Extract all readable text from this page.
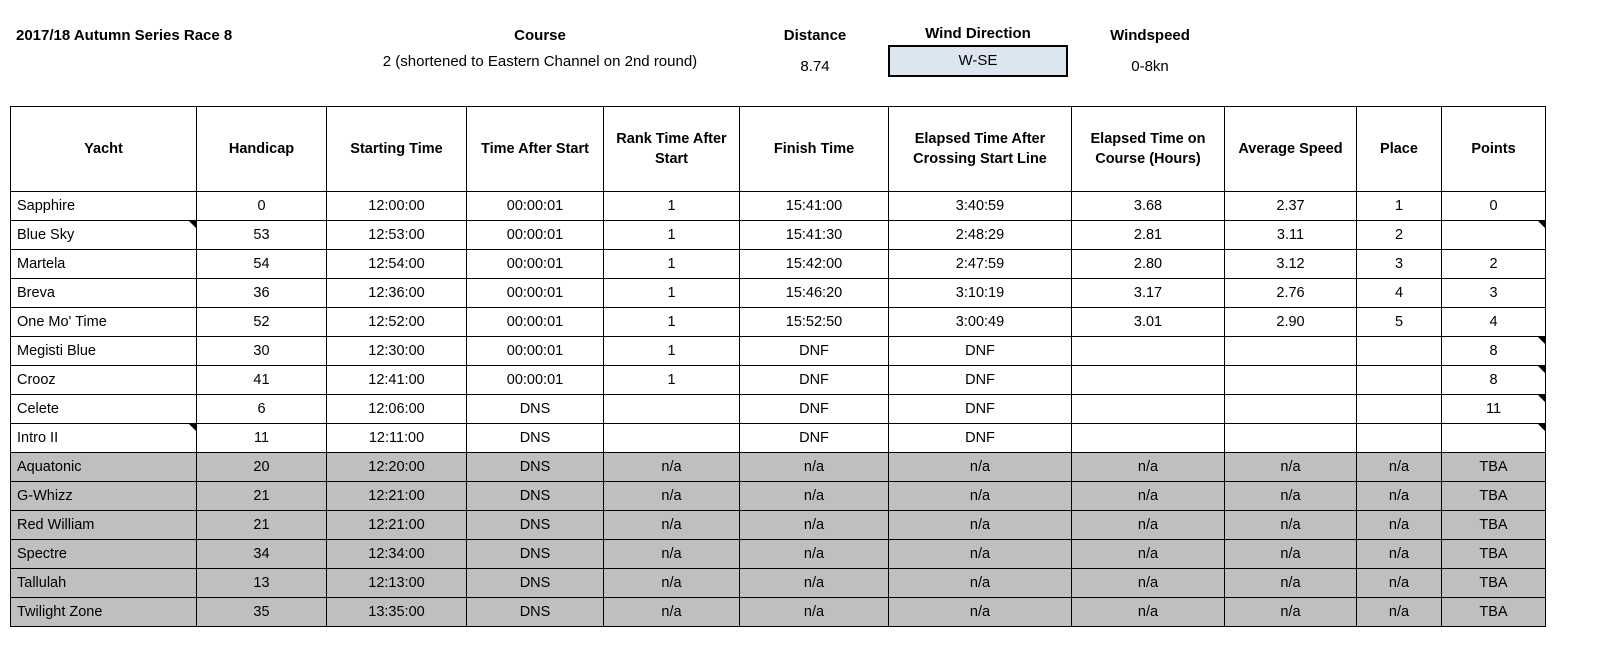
2017/18 Autumn Series Race 8	Course
2 (shortened to Eastern Channel on 2nd round)
Distance
8.74
Wind Direction
W-SE
Windspeed
0-8kn
Yacht	Handicap	Starting Time	Time After Start	Rank Time After Start	Finish Time	Elapsed Time After Crossing Start Line	Elapsed Time on Course (Hours)	Average Speed	Place	Points
Sapphire	0	12:00:00	00:00:01	1	15:41:00	3:40:59	3.68	2.37	1	0
Blue Sky	53	12:53:00	00:00:01	1	15:41:30	2:48:29	2.81	3.11	2	

Martela	54	12:54:00	00:00:01	1	15:42:00	2:47:59	2.80	3.12	3	2
Breva	36	12:36:00	00:00:01	1	15:46:20	3:10:19	3.17	2.76	4	3
One Mo' Time	52	12:52:00	00:00:01	1	15:52:50	3:00:49	3.01	2.90	5	4
Megisti Blue	30	12:30:00	00:00:01	1	DNF	DNF				8

Crooz	41	12:41:00	00:00:01	1	DNF	DNF				8

Celete	6	12:06:00	DNS		DNF	DNF				11

Intro II	11	12:11:00	DNS		DNF	DNF				

Aquatonic	20	12:20:00	DNS	n/a	n/a	n/a	n/a	n/a	n/a	TBA
G-Whizz	21	12:21:00	DNS	n/a	n/a	n/a	n/a	n/a	n/a	TBA
Red William	21	12:21:00	DNS	n/a	n/a	n/a	n/a	n/a	n/a	TBA
Spectre	34	12:34:00	DNS	n/a	n/a	n/a	n/a	n/a	n/a	TBA
Tallulah	13	12:13:00	DNS	n/a	n/a	n/a	n/a	n/a	n/a	TBA
Twilight Zone	35	13:35:00	DNS	n/a	n/a	n/a	n/a	n/a	n/a	TBA
